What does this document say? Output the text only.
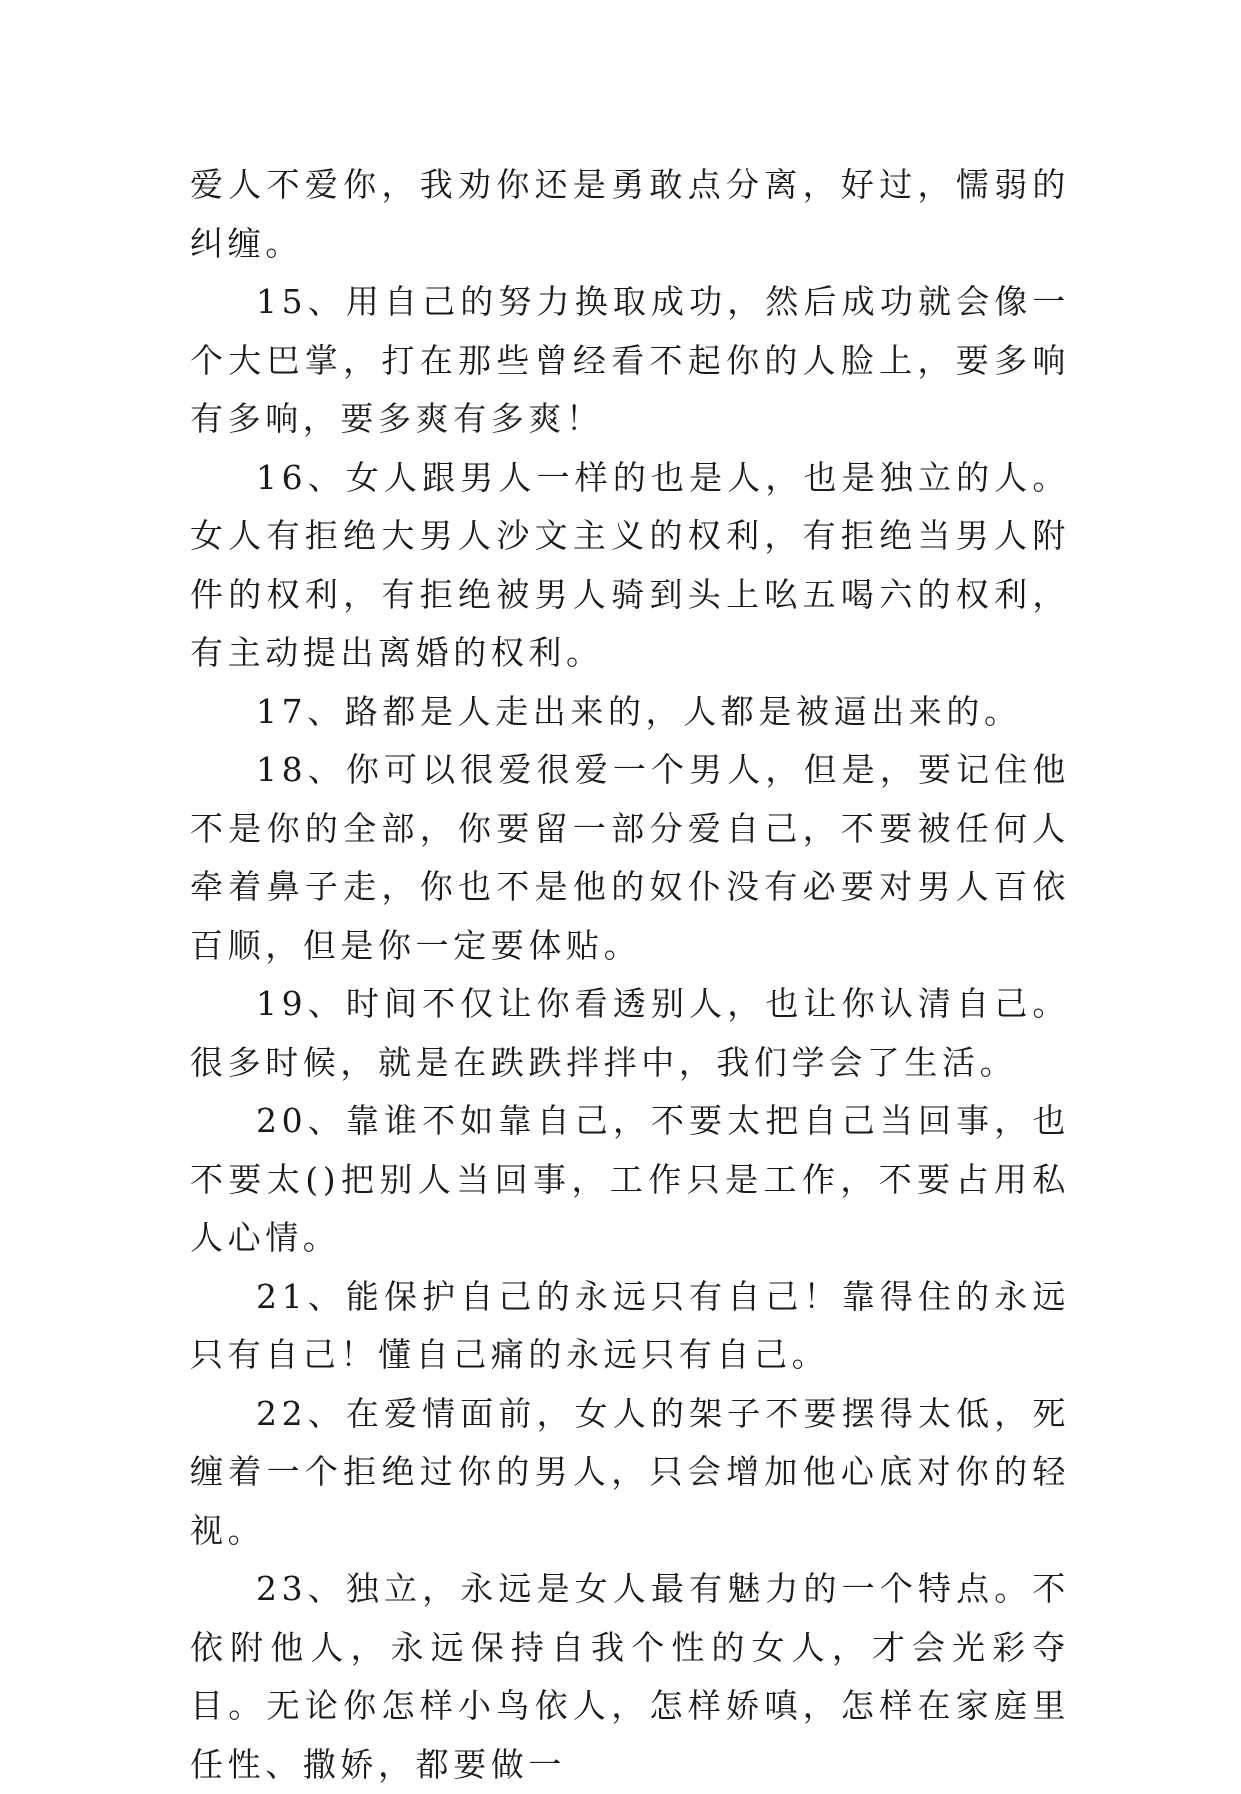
爱人不爱你，我劝你还是勇敢点分离，好过，懦弱的纠缠。

15、用自己的努力换取成功，然后成功就会像一个大巴掌，打在那些曾经看不起你的人脸上，要多响有多响，要多爽有多爽！

16、女人跟男人一样的也是人，也是独立的人。女人有拒绝大男人沙文主义的权利，有拒绝当男人附件的权利，有拒绝被男人骑到头上吆五喝六的权利，有主动提出离婚的权利。

17、路都是人走出来的，人都是被逼出来的。

18、你可以很爱很爱一个男人，但是，要记住他不是你的全部，你要留一部分爱自己，不要被任何人牵着鼻子走，你也不是他的奴仆没有必要对男人百依百顺，但是你一定要体贴。

19、时间不仅让你看透别人，也让你认清自己。很多时候，就是在跌跌拌拌中，我们学会了生活。

20、靠谁不如靠自己，不要太把自己当回事，也不要太()把别人当回事，工作只是工作，不要占用私人心情。

21、能保护自己的永远只有自己！靠得住的永远只有自己！懂自己痛的永远只有自己。

22、在爱情面前，女人的架子不要摆得太低，死缠着一个拒绝过你的男人，只会增加他心底对你的轻视。

23、独立，永远是女人最有魅力的一个特点。不依附他人，永远保持自我个性的女人，才会光彩夺目。无论你怎样小鸟依人，怎样娇嗔，怎样在家庭里任性、撒娇，都要做一
